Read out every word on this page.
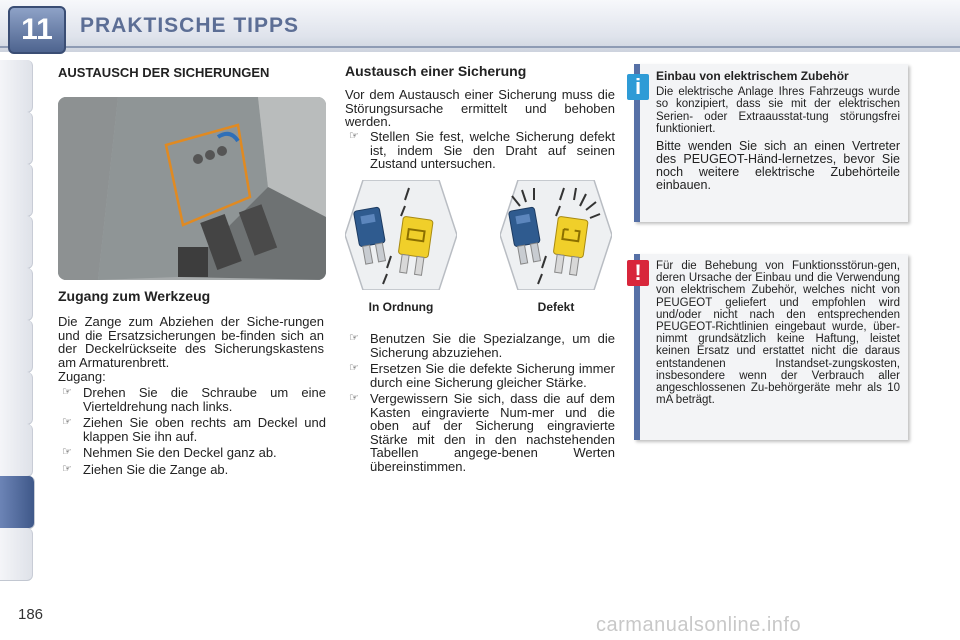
11	PRAKTISCHE TIPPS
AUSTAUSCH DER SICHERUNGEN
Zugang zum Werkzeug
Die Zange zum Abziehen der Siche-rungen und die Ersatzsicherungen be-finden sich an der Deckelrückseite des Sicherungskastens am Armaturenbrett.
Zugang:
☞ Drehen Sie die Schraube um eine Vierteldrehung nach links.
☞ Ziehen Sie oben rechts am Deckel und klappen Sie ihn auf.
☞ Nehmen Sie den Deckel ganz ab.
☞ Ziehen Sie die Zange ab.
Austausch einer Sicherung
Vor dem Austausch einer Sicherung muss die Störungsursache ermittelt und behoben werden.
☞ Stellen Sie fest, welche Sicherung defekt ist, indem Sie den Draht auf seinen Zustand untersuchen.
In Ordnung	Defekt
☞ Benutzen Sie die Spezialzange, um die Sicherung abzuziehen.
☞ Ersetzen Sie die defekte Sicherung immer durch eine Sicherung gleicher Stärke.
☞ Vergewissern Sie sich, dass die auf dem Kasten eingravierte Num-mer und die oben auf der Sicherung eingravierte Stärke mit den in den nachstehenden Tabellen angege-benen Werten übereinstimmen.
Einbau von elektrischem Zubehör
Die elektrische Anlage Ihres Fahrzeugs wurde so konzipiert, dass sie mit der elektrischen Serien- oder Extraausstat-tung störungsfrei funktioniert.
Bitte wenden Sie sich an einen Vertreter des PEUGEOT-Händ-lernetzes, bevor Sie noch weitere elektrische Zubehörteile einbauen.
i
Für die Behebung von Funktionsstörun-gen, deren Ursache der Einbau und die Verwendung von elektrischem Zubehör, welches nicht von PEUGEOT geliefert und empfohlen wird und/oder nicht nach den entsprechenden PEUGEOT-Richtlinien eingebaut wurde, über-nimmt grundsätzlich keine Haftung, leistet keinen Ersatz und erstattet nicht die daraus entstandenen Instandset-zungskosten, insbesondere wenn der Verbrauch aller angeschlossenen Zu-behörgeräte mehr als 10 mA beträgt.
!
186	carmanualsonline.info
